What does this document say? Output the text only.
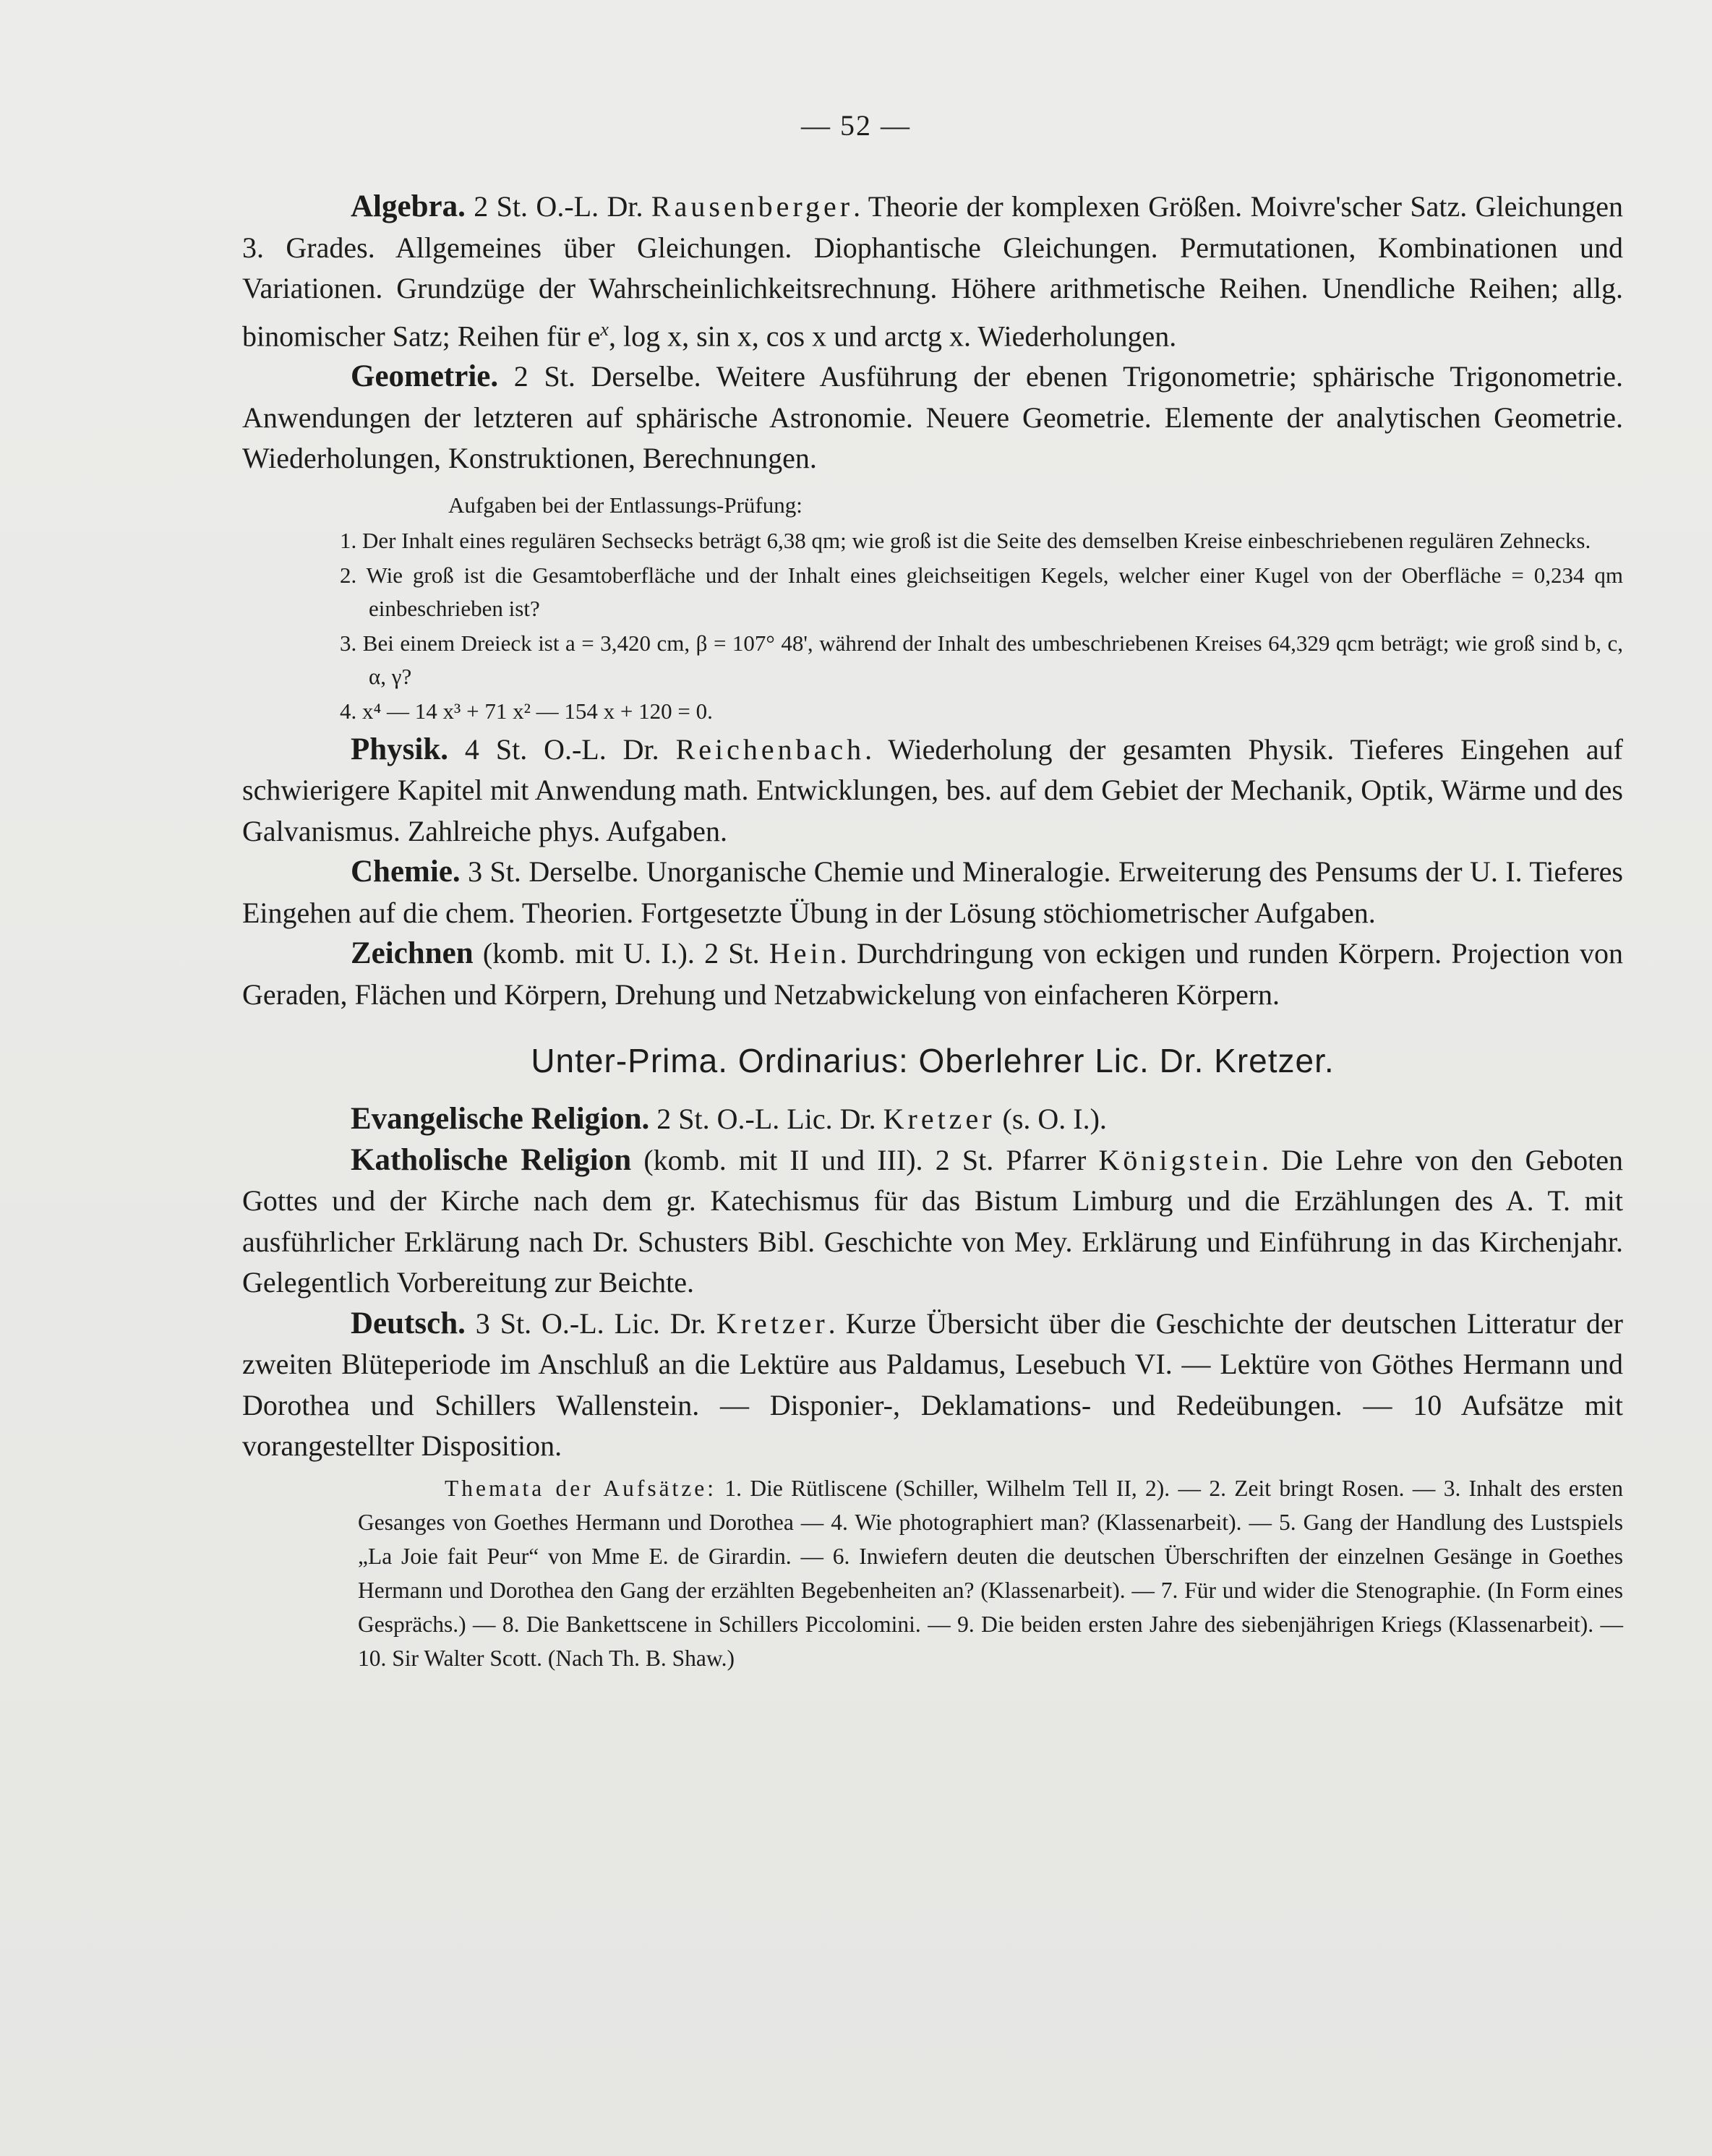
— 52 —

Algebra. 2 St. O.-L. Dr. Rausenberger. Theorie der komplexen Größen. Moivre'scher Satz. Gleichungen 3. Grades. Allgemeines über Gleichungen. Diophantische Gleichungen. Permutationen, Kombinationen und Variationen. Grundzüge der Wahrscheinlichkeitsrechnung. Höhere arithmetische Reihen. Unendliche Reihen; allg. binomischer Satz; Reihen für $e^x$, log x, sin x, cos x und arctg x. Wiederholungen.

Geometrie. 2 St. Derselbe. Weitere Ausführung der ebenen Trigonometrie; sphärische Trigonometrie. Anwendungen der letzteren auf sphärische Astronomie. Neuere Geometrie. Elemente der analytischen Geometrie. Wiederholungen, Konstruktionen, Berechnungen.

Aufgaben bei der Entlassungs-Prüfung:
1. Der Inhalt eines regulären Sechsecks beträgt 6,38 qm; wie groß ist die Seite des demselben Kreise einbeschriebenen regulären Zehnecks.
2. Wie groß ist die Gesamtoberfläche und der Inhalt eines gleichseitigen Kegels, welcher einer Kugel von der Oberfläche = 0,234 qm einbeschrieben ist?
3. Bei einem Dreieck ist a = 3,420 cm, β = 107° 48', während der Inhalt des umbeschriebenen Kreises 64,329 qcm beträgt; wie groß sind b, c, α, γ?
4. x⁴ — 14 x³ + 71 x² — 154 x + 120 = 0.

Physik. 4 St. O.-L. Dr. Reichenbach. Wiederholung der gesamten Physik. Tieferes Eingehen auf schwierigere Kapitel mit Anwendung math. Entwicklungen, bes. auf dem Gebiet der Mechanik, Optik, Wärme und des Galvanismus. Zahlreiche phys. Aufgaben.

Chemie. 3 St. Derselbe. Unorganische Chemie und Mineralogie. Erweiterung des Pensums der U. I. Tieferes Eingehen auf die chem. Theorien. Fortgesetzte Übung in der Lösung stöchiometrischer Aufgaben.

Zeichnen (komb. mit U. I.). 2 St. Hein. Durchdringung von eckigen und runden Körpern. Projection von Geraden, Flächen und Körpern, Drehung und Netzabwickelung von einfacheren Körpern.

Unter-Prima. Ordinarius: Oberlehrer Lic. Dr. Kretzer.

Evangelische Religion. 2 St. O.-L. Lic. Dr. Kretzer (s. O. I.).

Katholische Religion (komb. mit II und III). 2 St. Pfarrer Königstein. Die Lehre von den Geboten Gottes und der Kirche nach dem gr. Katechismus für das Bistum Limburg und die Erzählungen des A. T. mit ausführlicher Erklärung nach Dr. Schusters Bibl. Geschichte von Mey. Erklärung und Einführung in das Kirchenjahr. Gelegentlich Vorbereitung zur Beichte.

Deutsch. 3 St. O.-L. Lic. Dr. Kretzer. Kurze Übersicht über die Geschichte der deutschen Litteratur der zweiten Blüteperiode im Anschluß an die Lektüre aus Paldamus, Lesebuch VI. — Lektüre von Göthes Hermann und Dorothea und Schillers Wallenstein. — Disponier-, Deklamations- und Redeübungen. — 10 Aufsätze mit vorangestellter Disposition.

Themata der Aufsätze: 1. Die Rütliscene (Schiller, Wilhelm Tell II, 2). — 2. Zeit bringt Rosen. — 3. Inhalt des ersten Gesanges von Goethes Hermann und Dorothea — 4. Wie photographiert man? (Klassenarbeit). — 5. Gang der Handlung des Lustspiels „La Joie fait Peur“ von Mme E. de Girardin. — 6. Inwiefern deuten die deutschen Überschriften der einzelnen Gesänge in Goethes Hermann und Dorothea den Gang der erzählten Begebenheiten an? (Klassenarbeit). — 7. Für und wider die Stenographie. (In Form eines Gesprächs.) — 8. Die Bankettscene in Schillers Piccolomini. — 9. Die beiden ersten Jahre des siebenjährigen Kriegs (Klassenarbeit). — 10. Sir Walter Scott. (Nach Th. B. Shaw.)
